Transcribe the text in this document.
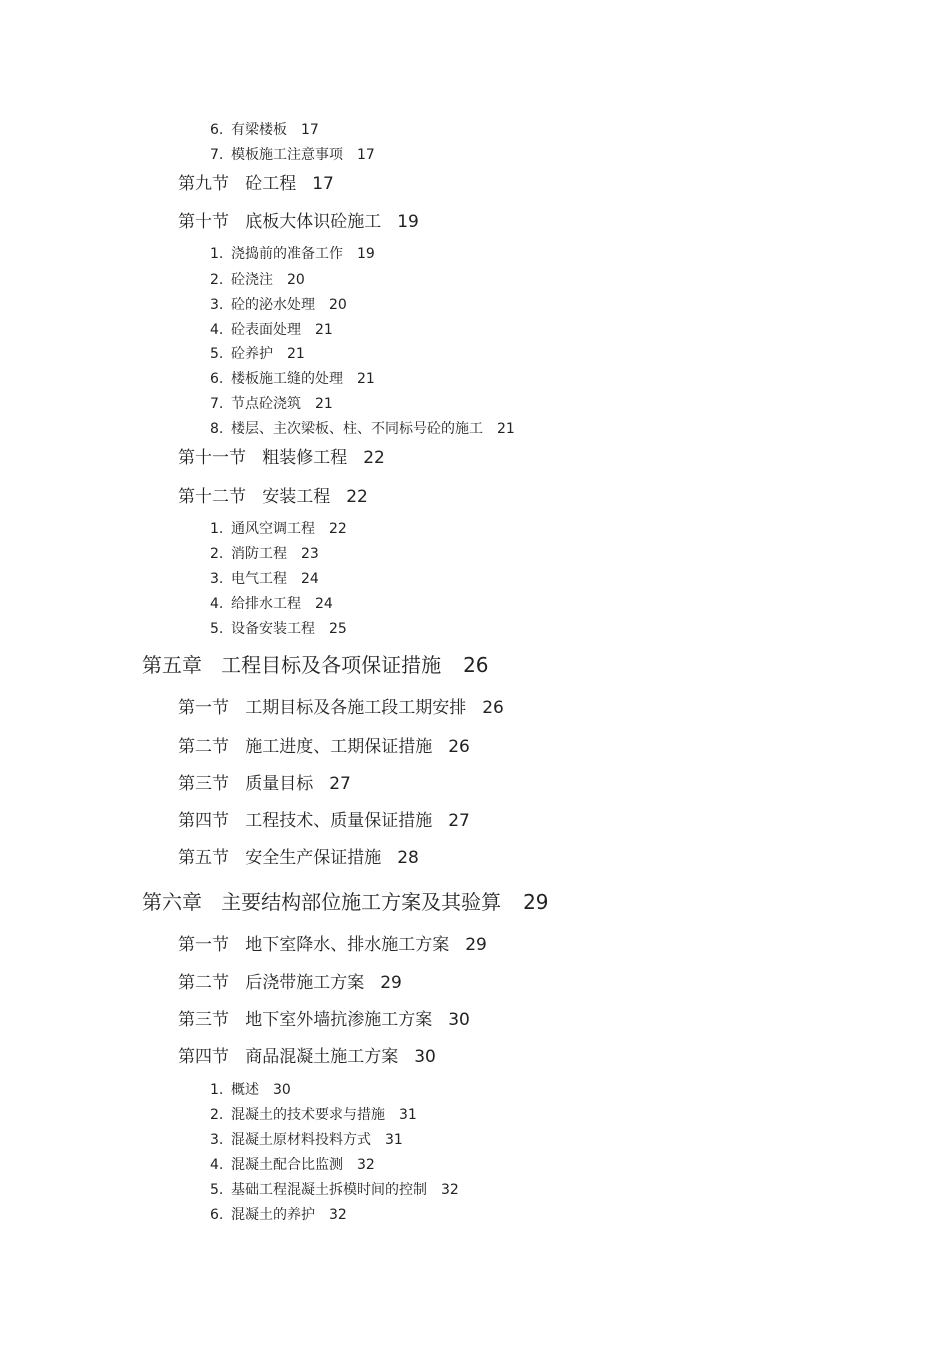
6. 有梁楼板 17
7. 模板施工注意事项 17
第九节   砼工程 17
第十节   底板大体识砼施工 19
1. 浇捣前的准备工作 19
2. 砼浇注 20
3. 砼的泌水处理 20
4. 砼表面处理 21
5. 砼养护 21
6. 楼板施工缝的处理 21
7. 节点砼浇筑 21
8. 楼层、主次梁板、柱、不同标号砼的施工 21
第十一节   粗装修工程 22
第十二节   安装工程 22
1. 通风空调工程 22
2. 消防工程 23
3. 电气工程 24
4. 给排水工程 24
5. 设备安装工程 25
第五章   工程目标及各项保证措施 26
第一节   工期目标及各施工段工期安排 26
第二节   施工进度、工期保证措施 26
第三节   质量目标 27
第四节   工程技术、质量保证措施 27
第五节   安全生产保证措施 28
第六章   主要结构部位施工方案及其验算 29
第一节   地下室降水、排水施工方案 29
第二节   后浇带施工方案 29
第三节   地下室外墙抗渗施工方案 30
第四节   商品混凝土施工方案 30
1. 概述 30
2. 混凝土的技术要求与措施 31
3. 混凝土原材料投料方式 31
4. 混凝土配合比监测 32
5. 基础工程混凝土拆模时间的控制 32
6. 混凝土的养护 32
